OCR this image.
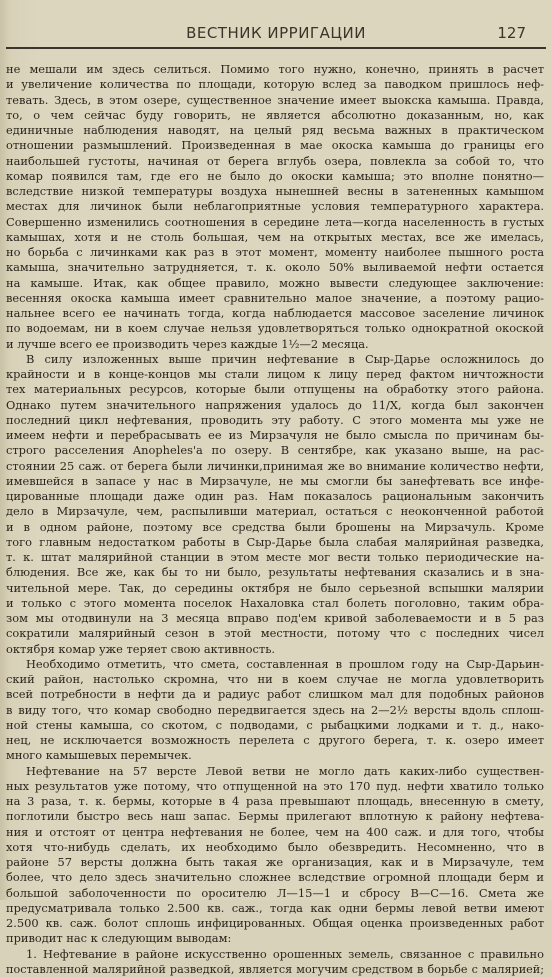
ВЕСТНИК ИРРИГАЦИИ	127
не мешали им здесь селиться. Помимо того нужно, конечно, принять в расчет
и увеличение количества по площади, которую вслед за паводком пришлось неф-
тевать. Здесь, в этом озере, существенное значение имеет выокска камыша. Правда,
то, о чем сейчас буду говорить, не является абсолютно доказанным, но, как
единичные наблюдения наводят, на целый ряд весьма важных в практическом
отношении размышлений. Произведенная в мае окоска камыша до границы его
наибольшей густоты, начиная от берега вглубь озера, повлекла за собой то, что
комар появился там, где его не было до окоски камыша; это вполне понятно—
вследствие низкой температуры воздуха нынешней весны в затененных камышом
местах для личинок были неблагоприятные условия температурного характера.
Совершенно изменились соотношения в середине лета—когда населенность в густых
камышах, хотя и не столь большая, чем на открытых местах, все же имелась,
но борьба с личинками как раз в этот момент, моменту наиболее пышного роста
камыша, значительно затрудняется, т. к. около 50% выливаемой нефти остается
на камыше. Итак, как общее правило, можно вывести следующее заключение:
весенняя окоска камыша имеет сравнительно малое значение, а поэтому рацио-
нальнее всего ее начинать тогда, когда наблюдается массовое заселение личинок
по водоемам, ни в коем случае нельзя удовлетворяться только однократной окоской
и лучше всего ее производить через каждые 1½—2 месяца.
В силу изложенных выше причин нефтевание в Сыр-Дарье осложнилось до
крайности и в конце-концов мы стали лицом к лицу перед фактом ничтожности
тех материальных ресурсов, которые были отпущены на обработку этого района.
Однако путем значительного напряжения удалось до 11/X, когда был закончен
последний цикл нефтевания, проводить эту работу. С этого момента мы уже не
имеем нефти и перебрасывать ее из Мирзачуля не было смысла по причинам бы-
строго расселения Anopheles'a по озеру. В сентябре, как указано выше, на рас-
стоянии 25 саж. от берега были личинки,принимая же во внимание количество нефти,
имевшейся в запасе у нас в Мирзачуле, не мы смогли бы занефтевать все инфе-
цированные площади даже один раз. Нам показалось рациональным закончить
дело в Мирзачуле, чем, распыливши материал, остаться с неоконченной работой
и в одном районе, поэтому все средства были брошены на Мирзачуль. Кроме
того главным недостатком работы в Сыр-Дарье была слабая малярийная разведка,
т. к. штат малярийной станции в этом месте мог вести только периодические на-
блюдения. Все же, как бы то ни было, результаты нефтевания сказались и в зна-
чительной мере. Так, до середины октября не было серьезной вспышки малярии
и только с этого момента поселок Нахаловка стал болеть поголовно, таким обра-
зом мы отодвинули на 3 месяца вправо под'ем кривой заболеваемости и в 5 раз
сократили малярийный сезон в этой местности, потому что с последних чисел
октября комар уже теряет свою активность.
Необходимо отметить, что смета, составленная в прошлом году на Сыр-Дарьин-
ский район, настолько скромна, что ни в коем случае не могла удовлетворить
всей потребности в нефти да и радиус работ слишком мал для подобных районов
в виду того, что комар свободно передвигается здесь на 2—2½ версты вдоль сплош-
ной стены камыша, со скотом, с подводами, с рыбацкими лодками и т. д., нако-
нец, не исключается возможность перелета с другого берега, т. к. озеро имеет
много камышевых перемычек.
Нефтевание на 57 версте Левой ветви не могло дать каких-либо существен-
ных результатов уже потому, что отпущенной на это 170 пуд. нефти хватило только
на 3 раза, т. к. бермы, которые в 4 раза превышают площадь, внесенную в смету,
поглотили быстро весь наш запас. Бермы прилегают вплотную к району нефтева-
ния и отстоят от центра нефтевания не более, чем на 400 саж. и для того, чтобы
хотя что-нибудь сделать, их необходимо было обезвредить. Несомненно, что в
районе 57 версты должна быть такая же организация, как и в Мирзачуле, тем
более, что дело здесь значительно сложнее вследствие огромной площади берм и
большой заболоченности по оросителю Л—15—1 и сбросу В—С—16. Смета же
предусматривала только 2.500 кв. саж., тогда как одни бермы левой ветви имеют
2.500 кв. саж. болот сплошь инфицированных. Общая оценка произведенных работ
приводит нас к следующим выводам:
1. Нефтевание в районе искусственно орошенных земель, связанное с правильно
поставленной малярийной разведкой, является могучим средством в борьбе с малярией;
